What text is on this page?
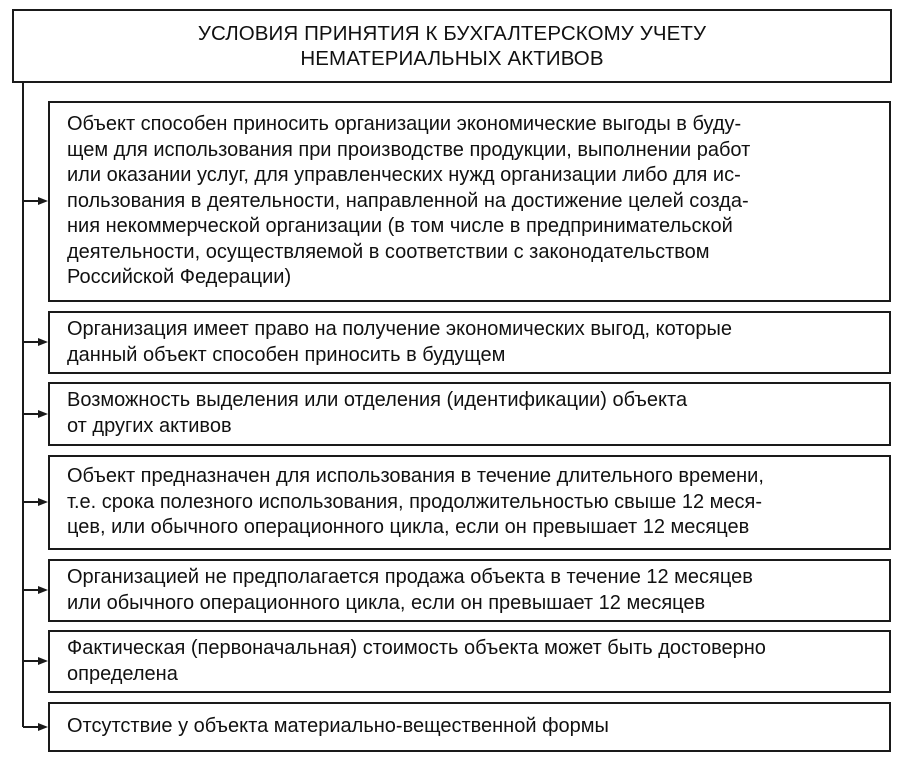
УСЛОВИЯ ПРИНЯТИЯ К БУХГАЛТЕРСКОМУ УЧЕТУ
НЕМАТЕРИАЛЬНЫХ АКТИВОВ
Объект способен приносить организации экономические выгоды в буду-
щем для использования при производстве продукции, выполнении работ
или оказании услуг, для управленческих нужд организации либо для ис-
пользования в деятельности, направленной на достижение целей созда-
ния некоммерческой организации (в том числе в предпринимательской
деятельности, осуществляемой в соответствии с законодательством
Российской Федерации)
Организация имеет право на получение экономических выгод, которые
данный объект способен приносить в будущем
Возможность выделения или отделения (идентификации) объекта
от других активов
Объект предназначен для использования в течение длительного времени,
т.е. срока полезного использования, продолжительностью свыше 12 меся-
цев, или обычного операционного цикла, если он превышает 12 месяцев
Организацией не предполагается продажа объекта в течение 12 месяцев
или обычного операционного цикла, если он превышает 12 месяцев
Фактическая (первоначальная) стоимость объекта может быть достоверно
определена
Отсутствие у объекта материально-вещественной формы
